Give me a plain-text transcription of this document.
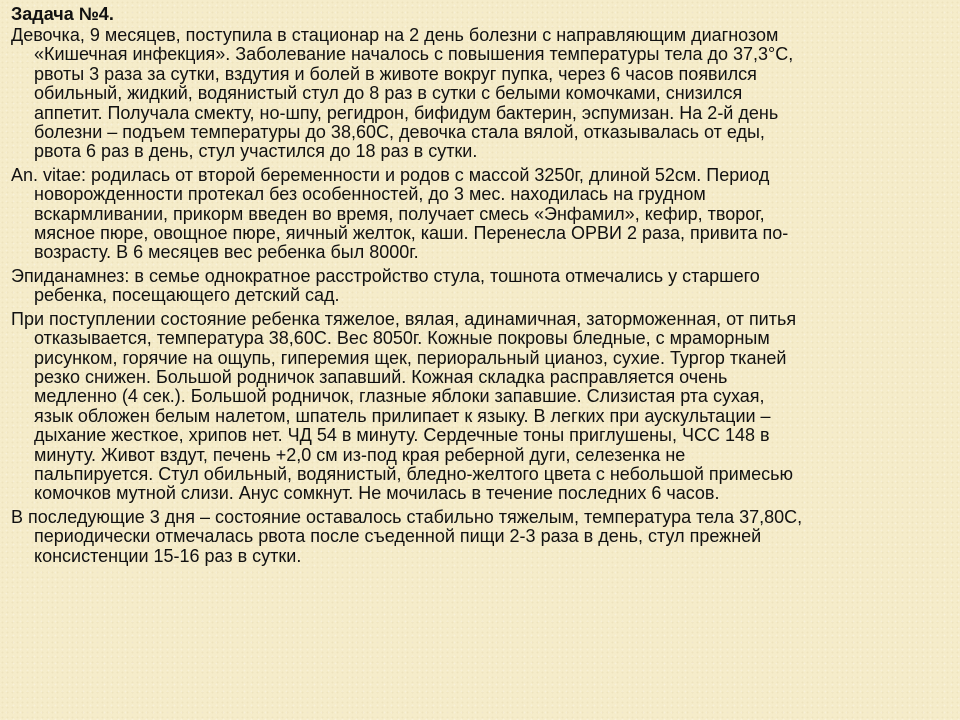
Задача №4.

Девочка, 9 месяцев, поступила в стационар на 2 день болезни с направляющим диагнозом
«Кишечная инфекция». Заболевание началось с повышения температуры тела до 37,3°С,
рвоты 3 раза за сутки, вздутия и болей в животе вокруг пупка, через 6 часов появился
обильный, жидкий, водянистый стул до 8 раз в сутки с белыми комочками, снизился
аппетит. Получала смекту, но-шпу, регидрон, бифидум бактерин, эспумизан. На 2-й день
болезни – подъем температуры до 38,60С, девочка стала вялой, отказывалась от еды,
рвота 6 раз в день, стул участился до 18 раз в сутки.

An. vitae: родилась от второй беременности и родов с массой 3250г, длиной 52см. Период
новорожденности протекал без особенностей, до 3 мес. находилась на грудном
вскармливании, прикорм введен во время, получает смесь «Энфамил», кефир, творог,
мясное пюре, овощное пюре, яичный желток, каши. Перенесла ОРВИ 2 раза, привита по-
возрасту. В 6 месяцев вес ребенка был 8000г.

Эпиданамнез: в семье однократное расстройство стула, тошнота отмечались у старшего
ребенка, посещающего детский сад.

При поступлении состояние ребенка тяжелое, вялая, адинамичная, заторможенная, от питья
отказывается, температура 38,60С. Вес 8050г. Кожные покровы бледные, с мраморным
рисунком, горячие на ощупь, гиперемия щек, периоральный цианоз, сухие. Тургор тканей
резко снижен. Большой родничок запавший. Кожная складка расправляется очень
медленно (4 сек.). Большой родничок, глазные яблоки запавшие. Слизистая рта сухая,
язык обложен белым налетом, шпатель прилипает к языку. В легких при аускультации –
дыхание жесткое, хрипов нет. ЧД 54 в минуту. Сердечные тоны приглушены, ЧСС 148 в
минуту. Живот вздут, печень +2,0 см из-под края реберной дуги, селезенка не
пальпируется. Стул обильный, водянистый, бледно-желтого цвета с небольшой примесью
комочков мутной слизи. Анус сомкнут. Не мочилась в течение последних 6 часов.

В последующие 3 дня – состояние оставалось стабильно тяжелым, температура тела 37,80С,
периодически отмечалась рвота после съеденной пищи 2-3 раза в день, стул прежней
консистенции 15-16 раз в сутки.
